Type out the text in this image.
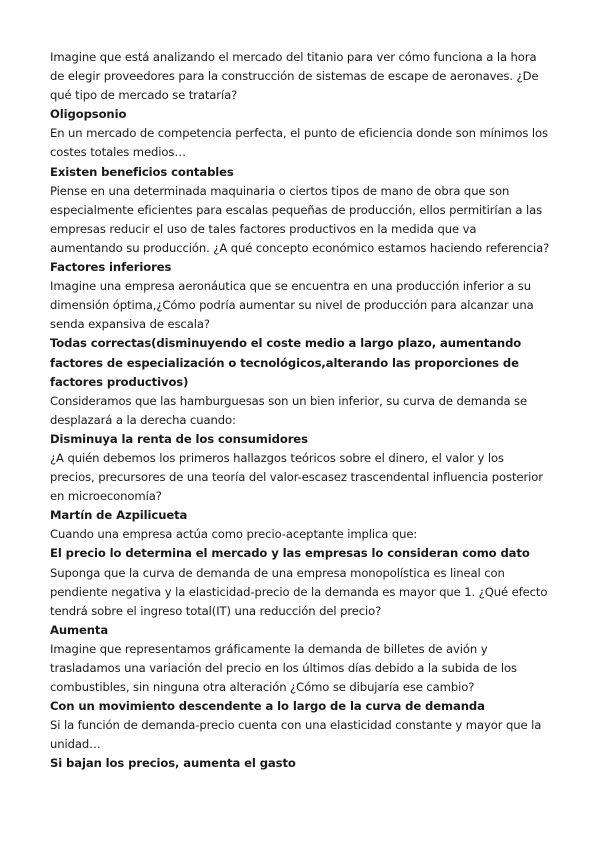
Imagine que está analizando el mercado del titanio para ver cómo funciona a la hora de elegir proveedores para la construcción de sistemas de escape de aeronaves. ¿De qué tipo de mercado se trataría?

Oligopsonio

En un mercado de competencia perfecta, el punto de eficiencia donde son mínimos los costes totales medios…

Existen beneficios contables

Piense en una determinada maquinaria o ciertos tipos de mano de obra que son especialmente eficientes para escalas pequeñas de producción, ellos permitirían a las empresas reducir el uso de tales factores productivos en la medida que va aumentando su producción. ¿A qué concepto económico estamos haciendo referencia?

Factores inferiores

Imagine una empresa aeronáutica que se encuentra en una producción inferior a su dimensión óptima,¿Cómo podría aumentar su nivel de producción para alcanzar una senda expansiva de escala?

Todas correctas(disminuyendo el coste medio a largo plazo, aumentando factores de especialización o tecnológicos,alterando las proporciones de factores productivos)

Consideramos que las hamburguesas son un bien inferior, su curva de demanda se desplazará a la derecha cuando:

Disminuya la renta de los consumidores

¿A quién debemos los primeros hallazgos teóricos sobre el dinero, el valor y los precios, precursores de una teoría del valor-escasez trascendental influencia posterior en microeconomía?

Martín de Azpilicueta

Cuando una empresa actúa como precio-aceptante implica que:

El precio lo determina el mercado y las empresas lo consideran como dato

Suponga que la curva de demanda de una empresa monopolística es lineal con pendiente negativa y la elasticidad-precio de la demanda es mayor que 1. ¿Qué efecto tendrá sobre el ingreso total(IT) una reducción del precio?

Aumenta

Imagine que representamos gráficamente la demanda de billetes de avión y trasladamos una variación del precio en los últimos días debido a la subida de los combustibles, sin ninguna otra alteración ¿Cómo se dibujaría ese cambio?

Con un movimiento descendente a lo largo de la curva de demanda

Si la función de demanda-precio cuenta con una elasticidad constante y mayor que la unidad…

Si bajan los precios, aumenta el gasto
